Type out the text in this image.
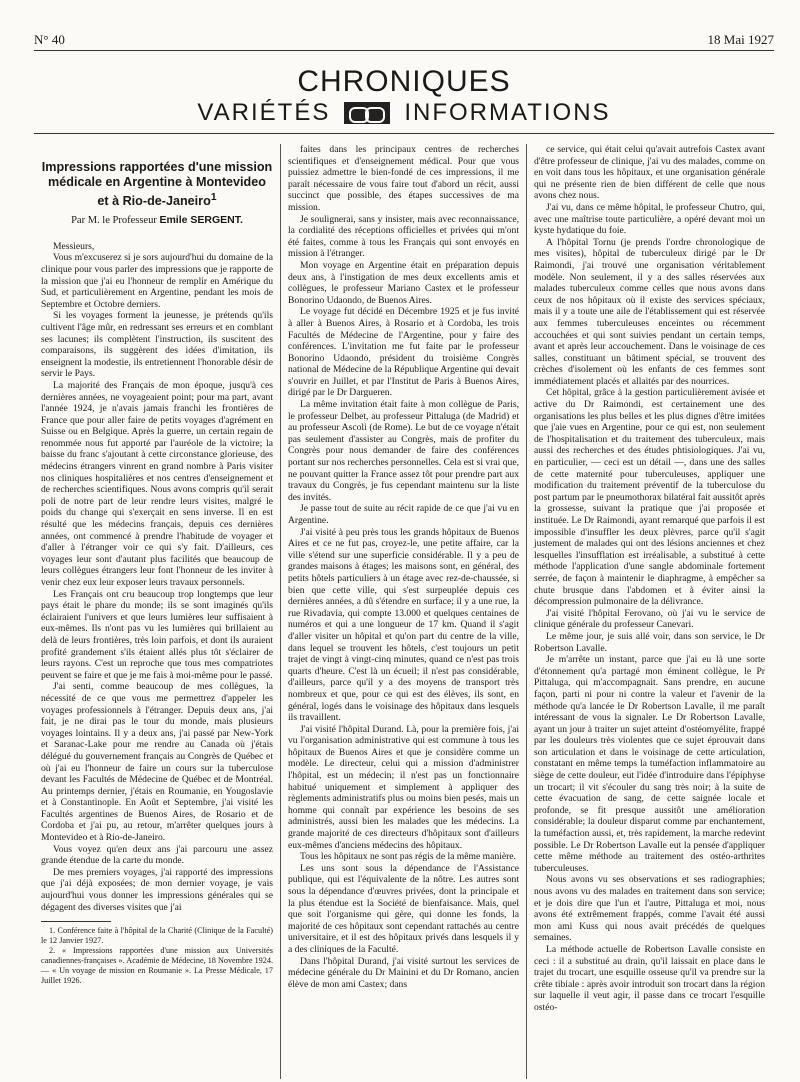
N° 40	18 Mai 1927
CHRONIQUES
VARIÉTÉS	INFORMATIONS
Impressions rapportées d'une mission médicale en Argentine à Montevideo et à Rio-de-Janeiro$^1$
Par M. le Professeur Emile SERGENT.

Messieurs,

Vous m'excuserez si je sors aujourd'hui du domaine de la clinique pour vous parler des impressions que je rapporte de la mission que j'ai eu l'honneur de remplir en Amérique du Sud, et particulièrement en Argentine, pendant les mois de Septembre et Octobre derniers.

Si les voyages forment la jeunesse, je prétends qu'ils cultivent l'âge mûr, en redressant ses erreurs et en comblant ses lacunes; ils complètent l'instruction, ils suscitent des comparaisons, ils suggèrent des idées d'imitation, ils enseignent la modestie, ils entretiennent l'honorable désir de servir le Pays.

La majorité des Français de mon époque, jusqu'à ces dernières années, ne voyageaient point; pour ma part, avant l'année 1924, je n'avais jamais franchi les frontières de France que pour aller faire de petits voyages d'agrément en Suisse ou en Belgique. Après la guerre, un certain regain de renommée nous fut apporté par l'auréole de la victoire; la baisse du franc s'ajoutant à cette circonstance glorieuse, des médecins étrangers vinrent en grand nombre à Paris visiter nos cliniques hospitalières et nos centres d'enseignement et de recherches scientifiques. Nous avons compris qu'il serait poli de notre part de leur rendre leurs visites, malgré le poids du change qui s'exerçait en sens inverse. Il en est résulté que les médecins français, depuis ces dernières années, ont commencé à prendre l'habitude de voyager et d'aller à l'étranger voir ce qui s'y fait. D'ailleurs, ces voyages leur sont d'autant plus facilités que beaucoup de leurs collègues étrangers leur font l'honneur de les inviter à venir chez eux leur exposer leurs travaux personnels.

Les Français ont cru beaucoup trop longtemps que leur pays était le phare du monde; ils se sont imaginés qu'ils éclairaient l'univers et que leurs lumières leur suffisaient à eux-mêmes. Ils n'ont pas vu les lumières qui brillaient au delà de leurs frontières, très loin parfois, et dont ils auraient profité grandement s'ils étaient allés plus tôt s'éclairer de leurs rayons. C'est un reproche que tous mes compatriotes peuvent se faire et que je me fais à moi-même pour le passé.

J'ai senti, comme beaucoup de mes collègues, la nécessité de ce que vous me permettrez d'appeler les voyages professionnels à l'étranger. Depuis deux ans, j'ai fait, je ne dirai pas le tour du monde, mais plusieurs voyages lointains. Il y a deux ans, j'ai passé par New-York et Saranac-Lake pour me rendre au Canada où j'étais délégué du gouvernement français au Congrès de Québec et où j'ai eu l'honneur de faire un cours sur la tuberculose devant les Facultés de Médecine de Québec et de Montréal. Au printemps dernier, j'étais en Roumanie, en Yougoslavie et à Constantinople. En Août et Septembre, j'ai visité les Facultés argentines de Buenos Aires, de Rosario et de Cordoba et j'ai pu, au retour, m'arrêter quelques jours à Montevideo et à Rio-de-Janeiro.

Vous voyez qu'en deux ans j'ai parcouru une assez grande étendue de la carte du monde.

De mes premiers voyages, j'ai rapporté des impressions que j'ai déjà exposées; de mon dernier voyage, je vais aujourd'hui vous donner les impressions générales qui se dégagent des diverses visites que j'ai

1. Conférence faite à l'hôpital de la Charité (Clinique de la Faculté) le 12 Janvier 1927.

2. « Impressions rapportées d'une mission aux Universités canadiennes-françaises ». Académie de Médecine, 18 Novembre 1924. — « Un voyage de mission en Roumanie ». La Presse Médicale, 17 Juillet 1926.

faites dans les principaux centres de recherches scientifiques et d'enseignement médical. Pour que vous puissiez admettre le bien-fondé de ces impressions, il me paraît nécessaire de vous faire tout d'abord un récit, aussi succinct que possible, des étapes successives de ma mission.

Je soulignerai, sans y insister, mais avec reconnaissance, la cordialité des réceptions officielles et privées qui m'ont été faites, comme à tous les Français qui sont envoyés en mission à l'étranger.

Mon voyage en Argentine était en préparation depuis deux ans, à l'instigation de mes deux excellents amis et collègues, le professeur Mariano Castex et le professeur Bonorino Udaondo, de Buenos Aires.

Le voyage fut décidé en Décembre 1925 et je fus invité à aller à Buenos Aires, à Rosario et à Cordoba, les trois Facultés de Médecine de l'Argentine, pour y faire des conférences. L'invitation me fut faite par le professeur Bonorino Udaondo, président du troisième Congrès national de Médecine de la République Argentine qui devait s'ouvrir en Juillet, et par l'Institut de Paris à Buenos Aires, dirigé par le Dr Dargueren.

La même invitation était faite à mon collègue de Paris, le professeur Delbet, au professeur Pittaluga (de Madrid) et au professeur Ascoli (de Rome). Le but de ce voyage n'était pas seulement d'assister au Congrès, mais de profiter du Congrès pour nous demander de faire des conférences portant sur nos recherches personnelles. Cela est si vrai que, ne pouvant quitter la France assez tôt pour prendre part aux travaux du Congrès, je fus cependant maintenu sur la liste des invités.

Je passe tout de suite au récit rapide de ce que j'ai vu en Argentine.

J'ai visité à peu près tous les grands hôpitaux de Buenos Aires et ce ne fut pas, croyez-le, une petite affaire, car la ville s'étend sur une superficie considérable. Il y a peu de grandes maisons à étages; les maisons sont, en général, des petits hôtels particuliers à un étage avec rez-de-chaussée, si bien que cette ville, qui s'est surpeuplée depuis ces dernières années, a dû s'étendre en surface; il y a une rue, la rue Rivadavia, qui compte 13.000 et quelques centaines de numéros et qui a une longueur de 17 km. Quand il s'agit d'aller visiter un hôpital et qu'on part du centre de la ville, dans lequel se trouvent les hôtels, c'est toujours un petit trajet de vingt à vingt-cinq minutes, quand ce n'est pas trois quarts d'heure. C'est là un écueil; il n'est pas considérable, d'ailleurs, parce qu'il y a des moyens de transport très nombreux et que, pour ce qui est des élèves, ils sont, en général, logés dans le voisinage des hôpitaux dans lesquels ils travaillent.

J'ai visité l'hôpital Durand. Là, pour la première fois, j'ai vu l'organisation administrative qui est commune à tous les hôpitaux de Buenos Aires et que je considère comme un modèle. Le directeur, celui qui a mission d'administrer l'hôpital, est un médecin; il n'est pas un fonctionnaire habitué uniquement et simplement à appliquer des règlements administratifs plus ou moins bien pesés, mais un homme qui connaît par expérience les besoins de ses administrés, aussi bien les malades que les médecins. La grande majorité de ces directeurs d'hôpitaux sont d'ailleurs eux-mêmes d'anciens médecins des hôpitaux.

Tous les hôpitaux ne sont pas régis de la même manière.

Les uns sont sous la dépendance de l'Assistance publique, qui est l'équivalente de la nôtre. Les autres sont sous la dépendance d'œuvres privées, dont la principale et la plus étendue est la Société de bienfaisance. Mais, quel que soit l'organisme qui gère, qui donne les fonds, la majorité de ces hôpitaux sont cependant rattachés au centre universitaire, et il est des hôpitaux privés dans lesquels il y a des cliniques de la Faculté.

Dans l'hôpital Durand, j'ai visité surtout les services de médecine générale du Dr Mainini et du Dr Romano, ancien élève de mon ami Castex; dans

ce service, qui était celui qu'avait autrefois Castex avant d'être professeur de clinique, j'ai vu des malades, comme on en voit dans tous les hôpitaux, et une organisation générale qui ne présente rien de bien différent de celle que nous avons chez nous.

J'ai vu, dans ce même hôpital, le professeur Chutro, qui, avec une maîtrise toute particulière, a opéré devant moi un kyste hydatique du foie.

A l'hôpital Tornu (je prends l'ordre chronologique de mes visites), hôpital de tuberculeux dirigé par le Dr Raimondi, j'ai trouvé une organisation véritablement modèle. Non seulement, il y a des salles réservées aux malades tuberculeux comme celles que nous avons dans ceux de nos hôpitaux où il existe des services spéciaux, mais il y a toute une aile de l'établissement qui est réservée aux femmes tuberculeuses enceintes ou récemment accouchées et qui sont suivies pendant un certain temps, avant et après leur accouchement. Dans le voisinage de ces salles, constituant un bâtiment spécial, se trouvent des crèches d'isolement où les enfants de ces femmes sont immédiatement placés et allaités par des nourrices.

Cet hôpital, grâce à la gestion particulièrement avisée et active du Dr Raimondi, est certainement une des organisations les plus belles et les plus dignes d'être imitées que j'aie vues en Argentine, pour ce qui est, non seulement de l'hospitalisation et du traitement des tuberculeux, mais aussi des recherches et des études phtisiologiques. J'ai vu, en particulier, — ceci est un détail —, dans une des salles de cette maternité pour tuberculeuses, appliquer une modification du traitement préventif de la tuberculose du post partum par le pneumothorax bilatéral fait aussitôt après la grossesse, suivant la pratique que j'ai proposée et instituée. Le Dr Raimondi, ayant remarqué que parfois il est impossible d'insuffler les deux plèvres, parce qu'il s'agit justement de malades qui ont des lésions anciennes et chez lesquelles l'insufflation est irréalisable, a substitué à cette méthode l'application d'une sangle abdominale fortement serrée, de façon à maintenir le diaphragme, à empêcher sa chute brusque dans l'abdomen et à éviter ainsi la décompression pulmonaire de la délivrance.

J'ai visité l'hôpital Ferovano, où j'ai vu le service de clinique générale du professeur Canevari.

Le même jour, je suis allé voir, dans son service, le Dr Robertson Lavalle.

Je m'arrête un instant, parce que j'ai eu là une sorte d'étonnement qu'a partagé mon éminent collègue, le Pr Pittaluga, qui m'accompagnait. Sans prendre, en aucune façon, parti ni pour ni contre la valeur et l'avenir de la méthode qu'a lancée le Dr Robertson Lavalle, il me paraît intéressant de vous la signaler. Le Dr Robertson Lavalle, ayant un jour à traiter un sujet atteint d'ostéomyélite, frappé par les douleurs très violentes que ce sujet éprouvait dans son articulation et dans le voisinage de cette articulation, constatant en même temps la tuméfaction inflammatoire au siège de cette douleur, eut l'idée d'introduire dans l'épiphyse un trocart; il vit s'écouler du sang très noir; à la suite de cette évacuation de sang, de cette saignée locale et profonde, se fit presque aussitôt une amélioration considérable; la douleur disparut comme par enchantement, la tuméfaction aussi, et, très rapidement, la marche redevint possible. Le Dr Robertson Lavalle eut la pensée d'appliquer cette même méthode au traitement des ostéo-arthrites tuberculeuses.

Nous avons vu ses observations et ses radiographies; nous avons vu des malades en traitement dans son service; et je dois dire que l'un et l'autre, Pittaluga et moi, nous avons été extrêmement frappés, comme l'avait été aussi mon ami Kuss qui nous avait précédés de quelques semaines.

La méthode actuelle de Robertson Lavalle consiste en ceci : il a substitué au drain, qu'il laissait en place dans le trajet du trocart, une esquille osseuse qu'il va prendre sur la crête tibiale : après avoir introduit son trocart dans la région sur laquelle il veut agir, il passe dans ce trocart l'esquille ostéo-
